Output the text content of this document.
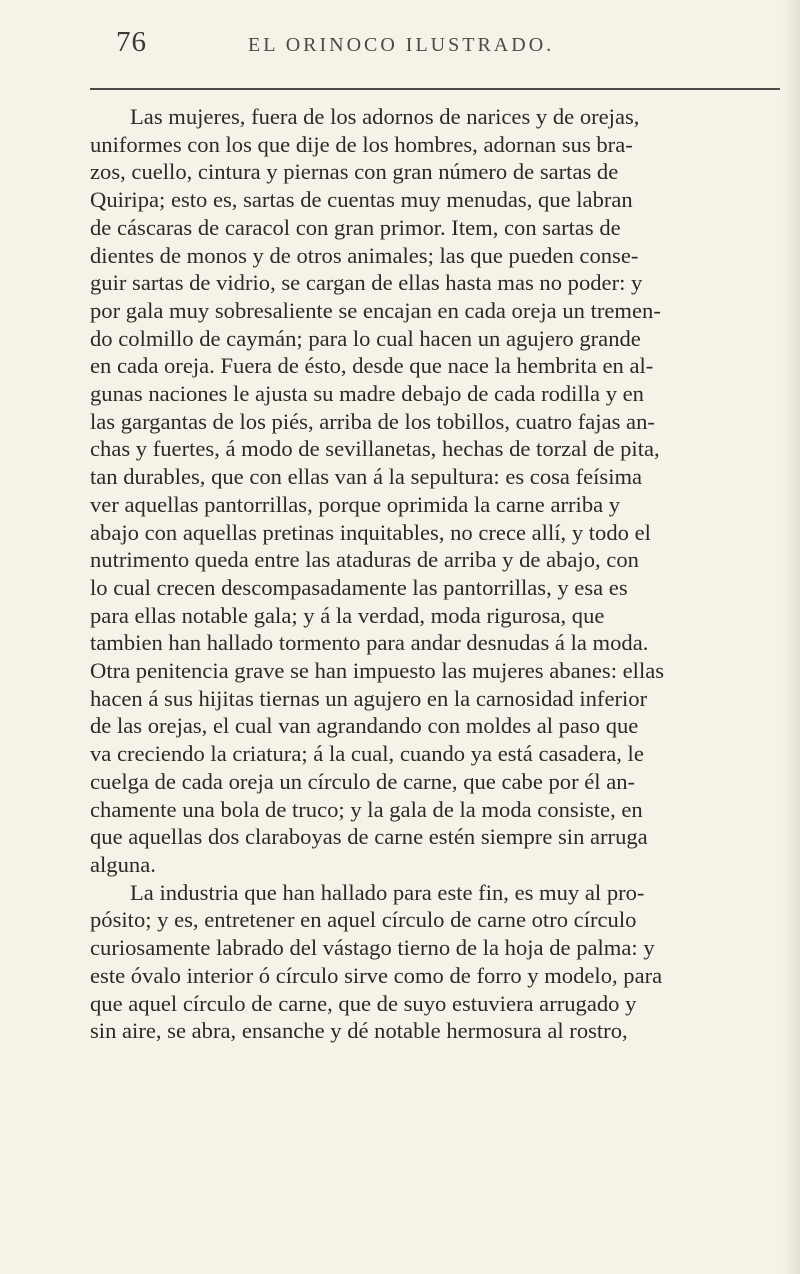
76	EL ORINOCO ILUSTRADO.
Las mujeres, fuera de los adornos de narices y de orejas,
uniformes con los que dije de los hombres, adornan sus bra-
zos, cuello, cintura y piernas con gran número de sartas de
Quiripa; esto es, sartas de cuentas muy menudas, que labran
de cáscaras de caracol con gran primor. Item, con sartas de
dientes de monos y de otros animales; las que pueden conse-
guir sartas de vidrio, se cargan de ellas hasta mas no poder: y
por gala muy sobresaliente se encajan en cada oreja un tremen-
do colmillo de caymán; para lo cual hacen un agujero grande
en cada oreja. Fuera de ésto, desde que nace la hembrita en al-
gunas naciones le ajusta su madre debajo de cada rodilla y en
las gargantas de los piés, arriba de los tobillos, cuatro fajas an-
chas y fuertes, á modo de sevillanetas, hechas de torzal de pita,
tan durables, que con ellas van á la sepultura: es cosa feísima
ver aquellas pantorrillas, porque oprimida la carne arriba y
abajo con aquellas pretinas inquitables, no crece allí, y todo el
nutrimento queda entre las ataduras de arriba y de abajo, con
lo cual crecen descompasadamente las pantorrillas, y esa es
para ellas notable gala; y á la verdad, moda rigurosa, que
tambien han hallado tormento para andar desnudas á la moda.
Otra penitencia grave se han impuesto las mujeres abanes: ellas
hacen á sus hijitas tiernas un agujero en la carnosidad inferior
de las orejas, el cual van agrandando con moldes al paso que
va creciendo la criatura; á la cual, cuando ya está casadera, le
cuelga de cada oreja un círculo de carne, que cabe por él an-
chamente una bola de truco; y la gala de la moda consiste, en
que aquellas dos claraboyas de carne estén siempre sin arruga
alguna.
La industria que han hallado para este fin, es muy al pro-
pósito; y es, entretener en aquel círculo de carne otro círculo
curiosamente labrado del vástago tierno de la hoja de palma: y
este óvalo interior ó círculo sirve como de forro y modelo, para
que aquel círculo de carne, que de suyo estuviera arrugado y
sin aire, se abra, ensanche y dé notable hermosura al rostro,
